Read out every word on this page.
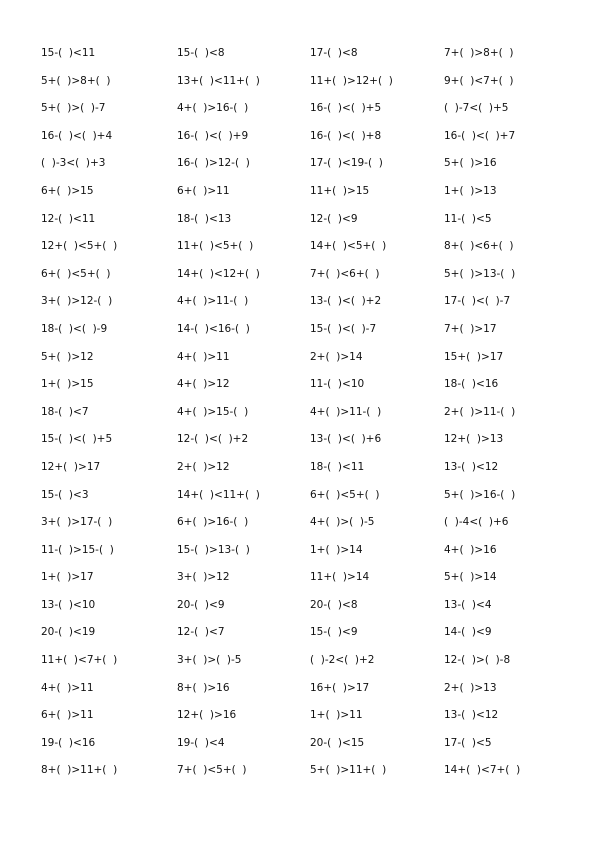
15-(  )<11	15-(  )<8	17-(  )<8	7+(  )>8+(  )
5+(  )>8+(  )	13+(  )<11+(  )	11+(  )>12+(  )	9+(  )<7+(  )
5+(  )>(  )-7	4+(  )>16-(  )	16-(  )<(  )+5	(  )-7<(  )+5
16-(  )<(  )+4	16-(  )<(  )+9	16-(  )<(  )+8	16-(  )<(  )+7
(  )-3<(  )+3	16-(  )>12-(  )	17-(  )<19-(  )	5+(  )>16
6+(  )>15	6+(  )>11	11+(  )>15	1+(  )>13
12-(  )<11	18-(  )<13	12-(  )<9	11-(  )<5
12+(  )<5+(  )	11+(  )<5+(  )	14+(  )<5+(  )	8+(  )<6+(  )
6+(  )<5+(  )	14+(  )<12+(  )	7+(  )<6+(  )	5+(  )>13-(  )
3+(  )>12-(  )	4+(  )>11-(  )	13-(  )<(  )+2	17-(  )<(  )-7
18-(  )<(  )-9	14-(  )<16-(  )	15-(  )<(  )-7	7+(  )>17
5+(  )>12	4+(  )>11	2+(  )>14	15+(  )>17
1+(  )>15	4+(  )>12	11-(  )<10	18-(  )<16
18-(  )<7	4+(  )>15-(  )	4+(  )>11-(  )	2+(  )>11-(  )
15-(  )<(  )+5	12-(  )<(  )+2	13-(  )<(  )+6	12+(  )>13
12+(  )>17	2+(  )>12	18-(  )<11	13-(  )<12
15-(  )<3	14+(  )<11+(  )	6+(  )<5+(  )	5+(  )>16-(  )
3+(  )>17-(  )	6+(  )>16-(  )	4+(  )>(  )-5	(  )-4<(  )+6
11-(  )>15-(  )	15-(  )>13-(  )	1+(  )>14	4+(  )>16
1+(  )>17	3+(  )>12	11+(  )>14	5+(  )>14
13-(  )<10	20-(  )<9	20-(  )<8	13-(  )<4
20-(  )<19	12-(  )<7	15-(  )<9	14-(  )<9
11+(  )<7+(  )	3+(  )>(  )-5	(  )-2<(  )+2	12-(  )>(  )-8
4+(  )>11	8+(  )>16	16+(  )>17	2+(  )>13
6+(  )>11	12+(  )>16	1+(  )>11	13-(  )<12
19-(  )<16	19-(  )<4	20-(  )<15	17-(  )<5
8+(  )>11+(  )	7+(  )<5+(  )	5+(  )>11+(  )	14+(  )<7+(  )
